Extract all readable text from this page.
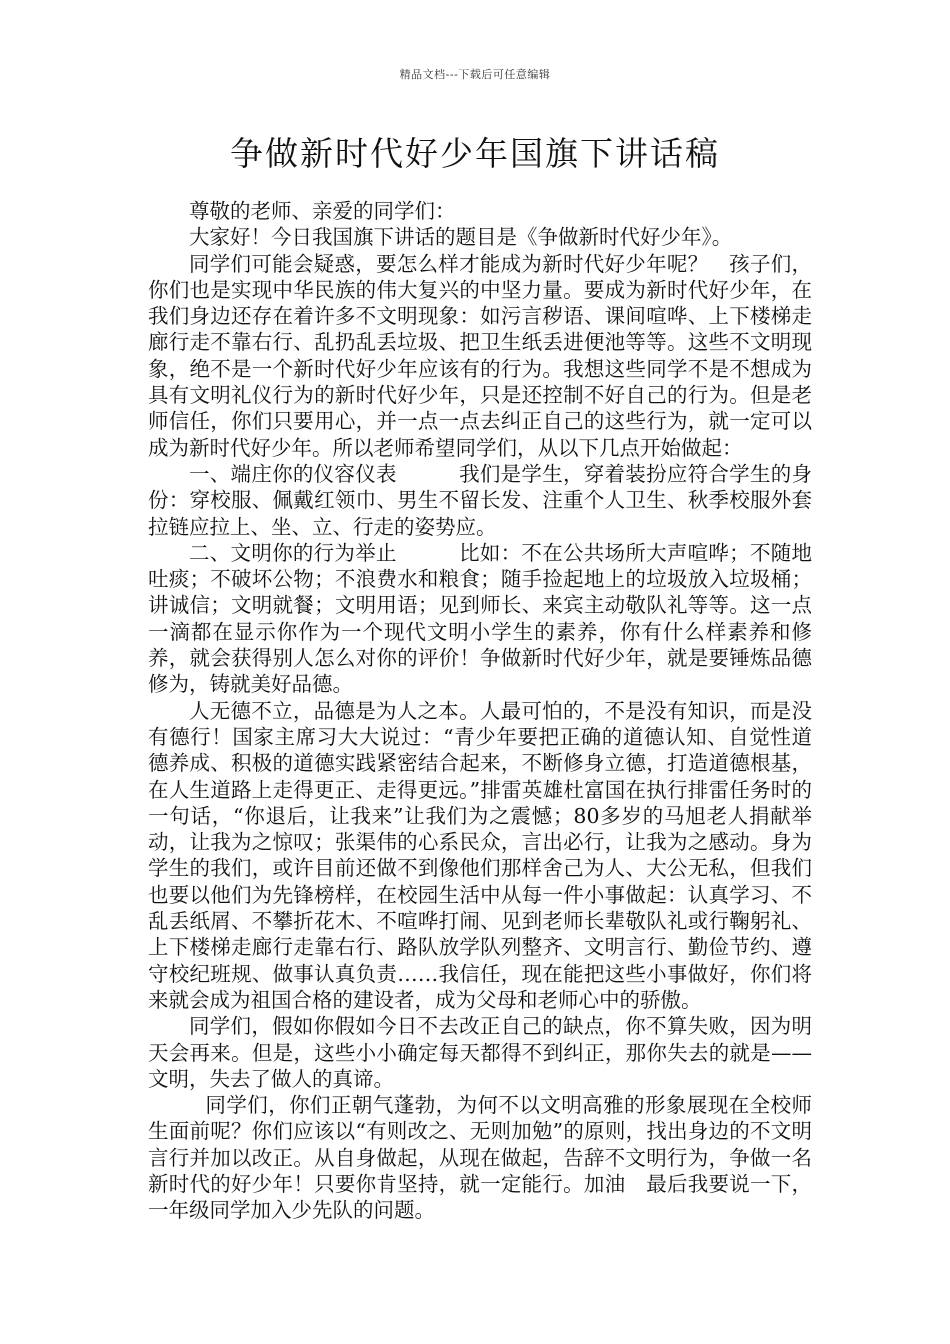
精品文档---下载后可任意编辑
争做新时代好少年国旗下讲话稿

尊敬的老师、亲爱的同学们：

大家好！今日我国旗下讲话的题目是《争做新时代好少年》。

同学们可能会疑惑，要怎么样才能成为新时代好少年呢？　孩子们，你们也是实现中华民族的伟大复兴的中坚力量。要成为新时代好少年，在我们身边还存在着许多不文明现象：如污言秽语、课间喧哗、上下楼梯走廊行走不靠右行、乱扔乱丢垃圾、把卫生纸丢进便池等等。这些不文明现象，绝不是一个新时代好少年应该有的行为。我想这些同学不是不想成为具有文明礼仪行为的新时代好少年，只是还控制不好自己的行为。但是老师信任，你们只要用心，并一点一点去纠正自己的这些行为，就一定可以成为新时代好少年。所以老师希望同学们，从以下几点开始做起：

一、端庄你的仪容仪表　　　我们是学生，穿着装扮应符合学生的身份：穿校服、佩戴红领巾、男生不留长发、注重个人卫生、秋季校服外套拉链应拉上、坐、立、行走的姿势应。

二、文明你的行为举止　　　比如：不在公共场所大声喧哗；不随地吐痰；不破坏公物；不浪费水和粮食；随手捡起地上的垃圾放入垃圾桶；讲诚信；文明就餐；文明用语；见到师长、来宾主动敬队礼等等。这一点一滴都在显示你作为一个现代文明小学生的素养，你有什么样素养和修养，就会获得别人怎么对你的评价！争做新时代好少年，就是要锤炼品德修为，铸就美好品德。

人无德不立，品德是为人之本。人最可怕的，不是没有知识，而是没有德行！国家主席习大大说过：“青少年要把正确的道德认知、自觉性道德养成、积极的道德实践紧密结合起来，不断修身立德，打造道德根基，在人生道路上走得更正、走得更远。”排雷英雄杜富国在执行排雷任务时的一句话，“你退后，让我来”让我们为之震憾；80多岁的马旭老人捐献举动，让我为之惊叹；张渠伟的心系民众，言出必行，让我为之感动。身为学生的我们，或许目前还做不到像他们那样舍己为人、大公无私，但我们也要以他们为先锋榜样，在校园生活中从每一件小事做起：认真学习、不乱丢纸屑、不攀折花木、不喧哗打闹、见到老师长辈敬队礼或行鞠躬礼、上下楼梯走廊行走靠右行、路队放学队列整齐、文明言行、勤俭节约、遵守校纪班规、做事认真负责……我信任，现在能把这些小事做好，你们将来就会成为祖国合格的建设者，成为父母和老师心中的骄傲。

同学们，假如你假如今日不去改正自己的缺点，你不算失败，因为明天会再来。但是，这些小小确定每天都得不到纠正，那你失去的就是——文明，失去了做人的真谛。

同学们，你们正朝气蓬勃，为何不以文明高雅的形象展现在全校师生面前呢？你们应该以“有则改之、无则加勉”的原则，找出身边的不文明言行并加以改正。从自身做起，从现在做起，告辞不文明行为，争做一名新时代的好少年！只要你肯坚持，就一定能行。加油　最后我要说一下，一年级同学加入少先队的问题。
